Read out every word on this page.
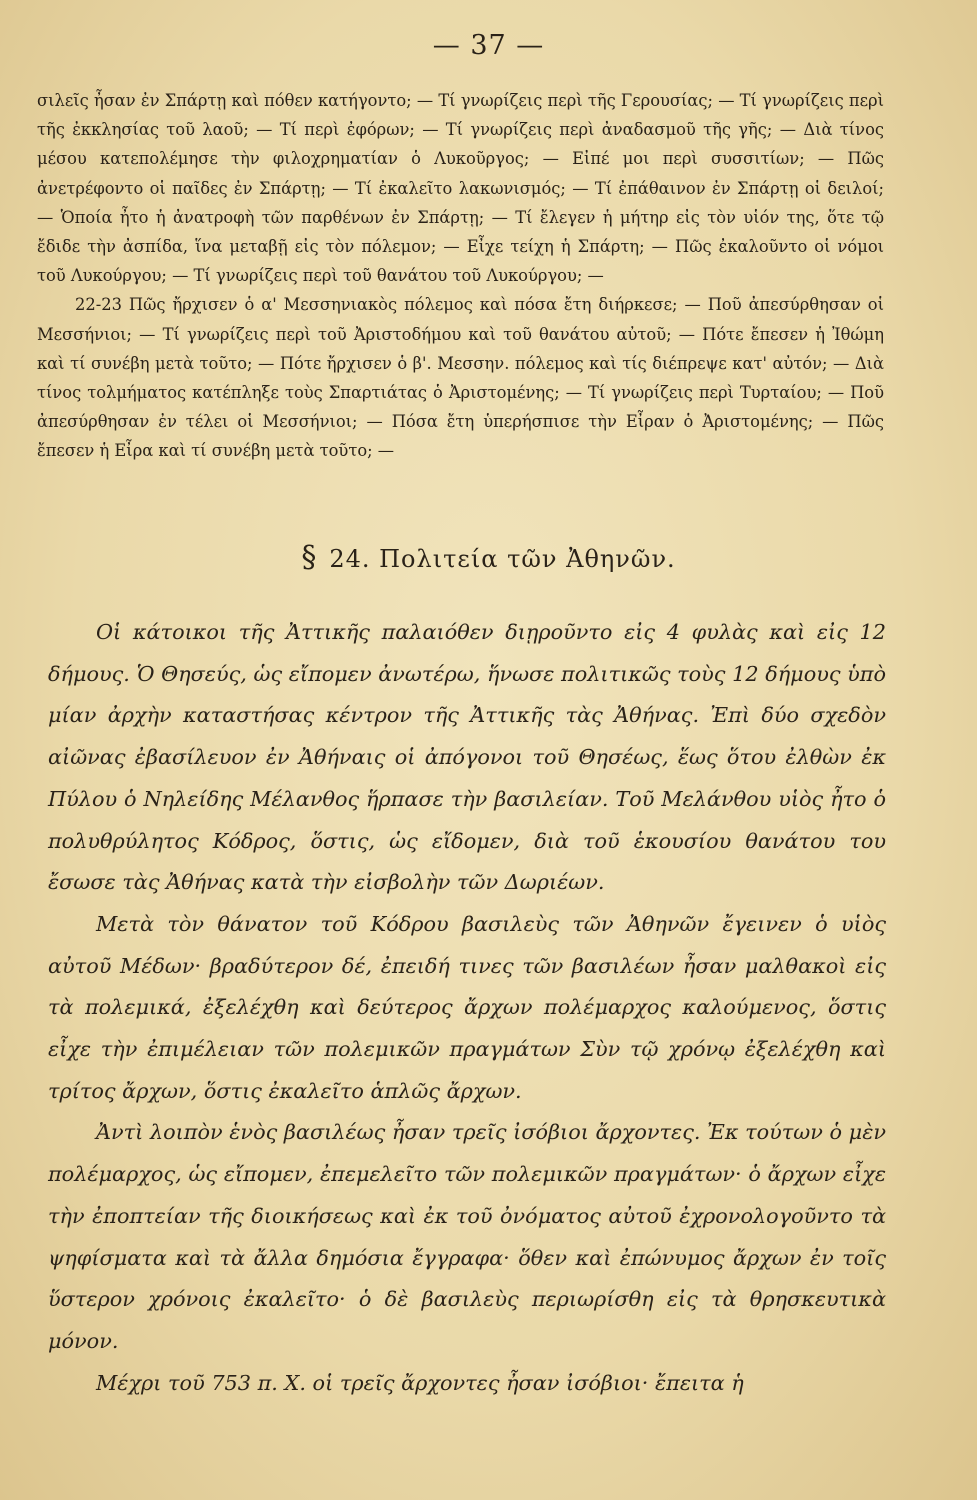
— 37 —

σιλεῖς ἦσαν ἐν Σπάρτῃ καὶ πόθεν κατήγοντο; — Τί γνωρίζεις περὶ τῆς Γερουσίας; — Τί γνωρίζεις περὶ τῆς ἐκκλησίας τοῦ λαοῦ; — Τί περὶ ἐφόρων; — Τί γνωρίζεις περὶ ἀναδασμοῦ τῆς γῆς; — Διὰ τίνος μέσου κατεπολέμησε τὴν φιλοχρηματίαν ὁ Λυκοῦργος; — Εἰπέ μοι περὶ συσσιτίων; — Πῶς ἀνετρέφοντο οἱ παῖδες ἐν Σπάρτῃ; — Τί ἐκαλεῖτο λακωνισμός; — Τί ἐπάθαινον ἐν Σπάρτῃ οἱ δειλοί; — Ὁποία ἦτο ἡ ἀνατροφὴ τῶν παρθένων ἐν Σπάρτῃ; — Τί ἔλεγεν ἡ μήτηρ εἰς τὸν υἱόν της, ὅτε τῷ ἔδιδε τὴν ἀσπίδα, ἵνα μεταβῇ εἰς τὸν πόλεμον; — Εἶχε τείχη ἡ Σπάρτη; — Πῶς ἐκαλοῦντο οἱ νόμοι τοῦ Λυκούργου; — Τί γνωρίζεις περὶ τοῦ θανάτου τοῦ Λυκούργου; —

22-23 Πῶς ἤρχισεν ὁ α' Μεσσηνιακὸς πόλεμος καὶ πόσα ἔτη διήρκεσε; — Ποῦ ἀπεσύρθησαν οἱ Μεσσήνιοι; — Τί γνωρίζεις περὶ τοῦ Ἀριστοδήμου καὶ τοῦ θανάτου αὐτοῦ; — Πότε ἔπεσεν ἡ Ἰθώμη καὶ τί συνέβη μετὰ τοῦτο; — Πότε ἤρχισεν ὁ β'. Μεσσην. πόλεμος καὶ τίς διέπρεψε κατ' αὐτόν; — Διὰ τίνος τολμήματος κατέπληξε τοὺς Σπαρτιάτας ὁ Ἀριστομένης; — Τί γνωρίζεις περὶ Τυρταίου; — Ποῦ ἀπεσύρθησαν ἐν τέλει οἱ Μεσσήνιοι; — Πόσα ἔτη ὑπερήσπισε τὴν Εἶραν ὁ Ἀριστομένης; — Πῶς ἔπεσεν ἡ Εἶρα καὶ τί συνέβη μετὰ τοῦτο; —

§ 24. Πολιτεία τῶν Ἀθηνῶν.

Οἱ κάτοικοι τῆς Ἀττικῆς παλαιόθεν διῃροῦντο εἰς 4 φυλὰς καὶ εἰς 12 δήμους. Ὁ Θησεύς, ὡς εἴπομεν ἀνωτέρω, ἥνωσε πολιτικῶς τοὺς 12 δήμους ὑπὸ μίαν ἀρχὴν καταστήσας κέντρον τῆς Ἀττικῆς τὰς Ἀθήνας. Ἐπὶ δύο σχεδὸν αἰῶνας ἐβασίλευον ἐν Ἀθήναις οἱ ἀπόγονοι τοῦ Θησέως, ἕως ὅτου ἐλθὼν ἐκ Πύλου ὁ Νηλείδης Μέλανθος ἥρπασε τὴν βασιλείαν. Τοῦ Μελάνθου υἱὸς ἦτο ὁ πολυθρύλητος Κόδρος, ὅστις, ὡς εἴδομεν, διὰ τοῦ ἑκουσίου θανάτου του ἔσωσε τὰς Ἀθήνας κατὰ τὴν εἰσβολὴν τῶν Δωριέων.

Μετὰ τὸν θάνατον τοῦ Κόδρου βασιλεὺς τῶν Ἀθηνῶν ἔγεινεν ὁ υἱὸς αὐτοῦ Μέδων· βραδύτερον δέ, ἐπειδή τινες τῶν βασιλέων ἦσαν μαλθακοὶ εἰς τὰ πολεμικά, ἐξελέχθη καὶ δεύτερος ἄρχων πολέμαρχος καλούμενος, ὅστις εἶχε τὴν ἐπιμέλειαν τῶν πολεμικῶν πραγμάτων Σὺν τῷ χρόνῳ ἐξελέχθη καὶ τρίτος ἄρχων, ὅστις ἐκαλεῖτο ἁπλῶς ἄρχων.

Ἀντὶ λοιπὸν ἑνὸς βασιλέως ἦσαν τρεῖς ἰσόβιοι ἄρχοντες. Ἐκ τούτων ὁ μὲν πολέμαρχος, ὡς εἴπομεν, ἐπεμελεῖτο τῶν πολεμικῶν πραγμάτων· ὁ ἄρχων εἶχε τὴν ἐποπτείαν τῆς διοικήσεως καὶ ἐκ τοῦ ὀνόματος αὐτοῦ ἐχρονολογοῦντο τὰ ψηφίσματα καὶ τὰ ἄλλα δημόσια ἔγγραφα· ὅθεν καὶ ἐπώνυμος ἄρχων ἐν τοῖς ὕστερον χρόνοις ἐκαλεῖτο· ὁ δὲ βασιλεὺς περιωρίσθη εἰς τὰ θρησκευτικὰ μόνον.

Μέχρι τοῦ 753 π. Χ. οἱ τρεῖς ἄρχοντες ἦσαν ἰσόβιοι· ἔπειτα ἡ
